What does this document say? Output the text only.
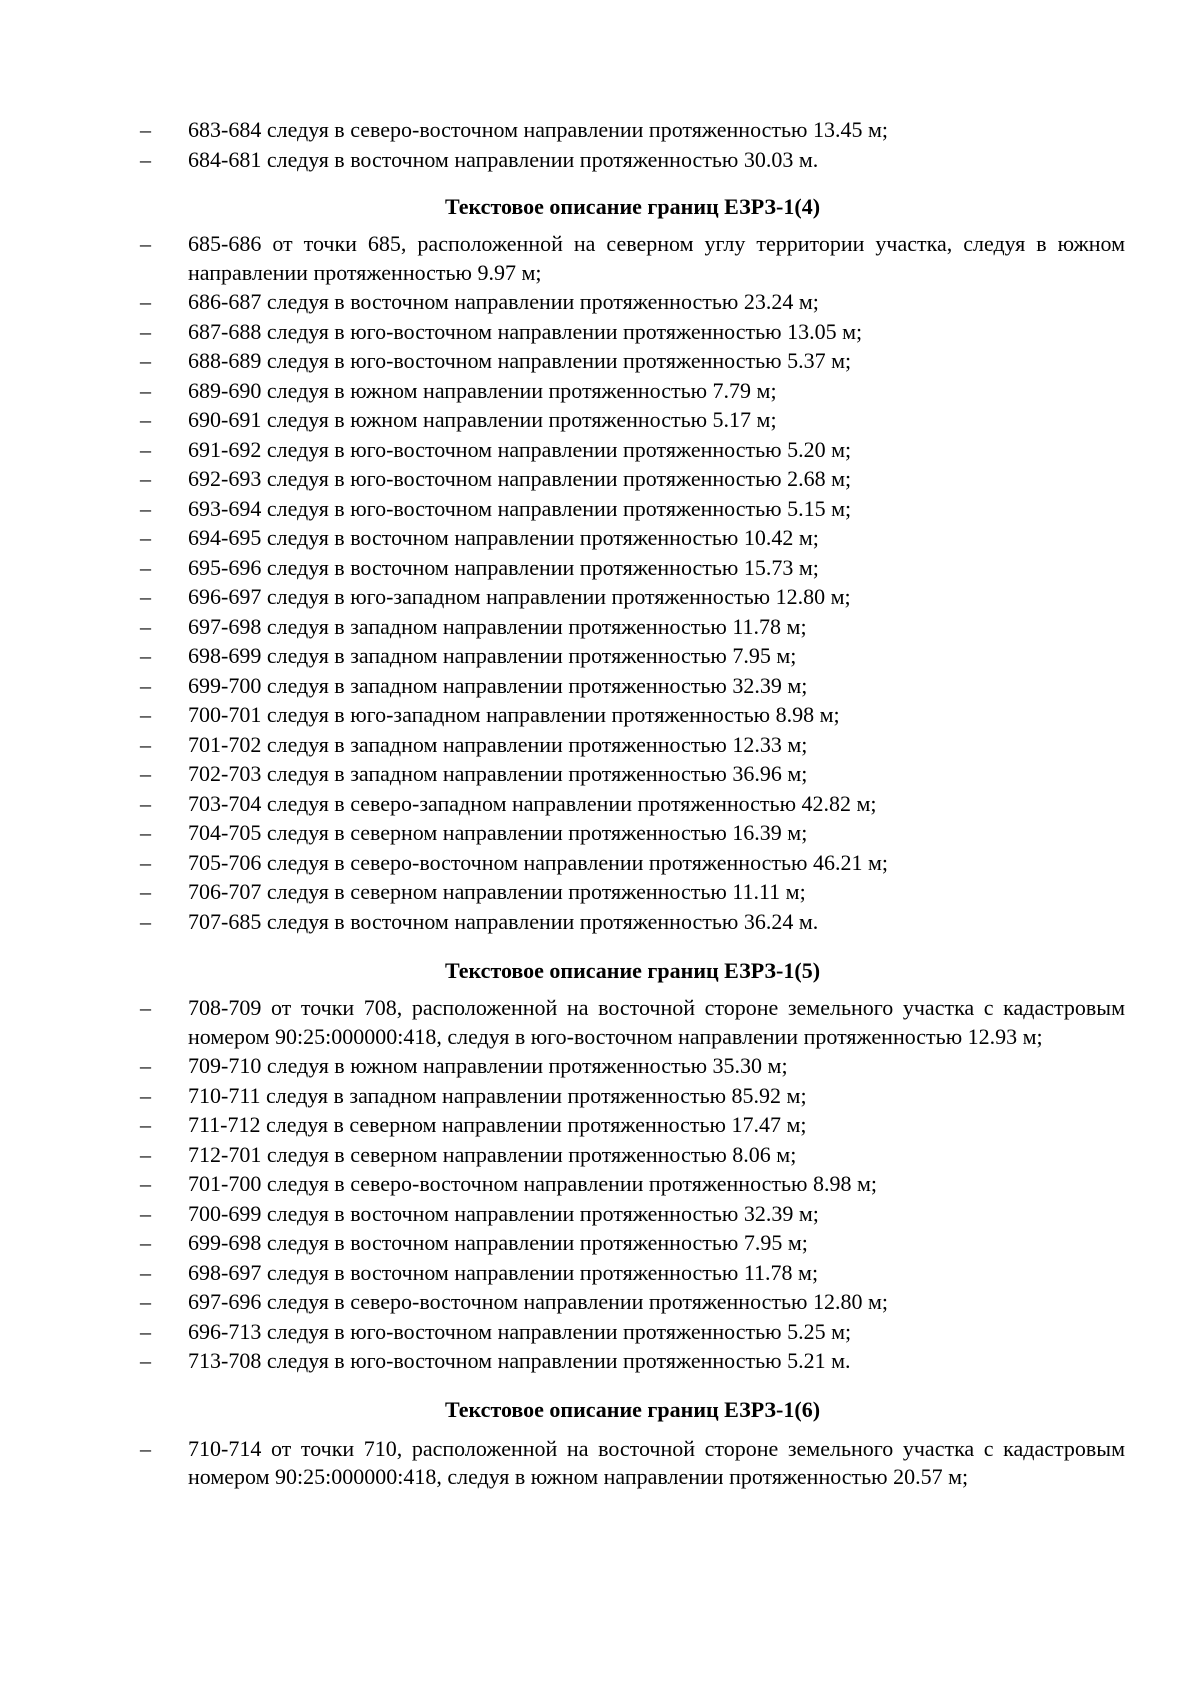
–	683-684 следуя в северо-восточном направлении протяженностью 13.45 м;
–	684-681 следуя в восточном направлении протяженностью 30.03 м.
Текстовое описание границ ЕЗРЗ-1(4)
–	685-686 от точки 685, расположенной на северном углу территории участка, следуя в южном направлении протяженностью 9.97 м;
–	686-687 следуя в восточном направлении протяженностью 23.24 м;
–	687-688 следуя в юго-восточном направлении протяженностью 13.05 м;
–	688-689 следуя в юго-восточном направлении протяженностью 5.37 м;
–	689-690 следуя в южном направлении протяженностью 7.79 м;
–	690-691 следуя в южном направлении протяженностью 5.17 м;
–	691-692 следуя в юго-восточном направлении протяженностью 5.20 м;
–	692-693 следуя в юго-восточном направлении протяженностью 2.68 м;
–	693-694 следуя в юго-восточном направлении протяженностью 5.15 м;
–	694-695 следуя в восточном направлении протяженностью 10.42 м;
–	695-696 следуя в восточном направлении протяженностью 15.73 м;
–	696-697 следуя в юго-западном направлении протяженностью 12.80 м;
–	697-698 следуя в западном направлении протяженностью 11.78 м;
–	698-699 следуя в западном направлении протяженностью 7.95 м;
–	699-700 следуя в западном направлении протяженностью 32.39 м;
–	700-701 следуя в юго-западном направлении протяженностью 8.98 м;
–	701-702 следуя в западном направлении протяженностью 12.33 м;
–	702-703 следуя в западном направлении протяженностью 36.96 м;
–	703-704 следуя в северо-западном направлении протяженностью 42.82 м;
–	704-705 следуя в северном направлении протяженностью 16.39 м;
–	705-706 следуя в северо-восточном направлении протяженностью 46.21 м;
–	706-707 следуя в северном направлении протяженностью 11.11 м;
–	707-685 следуя в восточном направлении протяженностью 36.24 м.
Текстовое описание границ ЕЗРЗ-1(5)
–	708-709 от точки 708, расположенной на восточной стороне земельного участка с кадастровым номером 90:25:000000:418, следуя в юго-восточном направлении протяженностью 12.93 м;
–	709-710 следуя в южном направлении протяженностью 35.30 м;
–	710-711 следуя в западном направлении протяженностью 85.92 м;
–	711-712 следуя в северном направлении протяженностью 17.47 м;
–	712-701 следуя в северном направлении протяженностью 8.06 м;
–	701-700 следуя в северо-восточном направлении протяженностью 8.98 м;
–	700-699 следуя в восточном направлении протяженностью 32.39 м;
–	699-698 следуя в восточном направлении протяженностью 7.95 м;
–	698-697 следуя в восточном направлении протяженностью 11.78 м;
–	697-696 следуя в северо-восточном направлении протяженностью 12.80 м;
–	696-713 следуя в юго-восточном направлении протяженностью 5.25 м;
–	713-708 следуя в юго-восточном направлении протяженностью 5.21 м.
Текстовое описание границ ЕЗРЗ-1(6)
–	710-714 от точки 710, расположенной на восточной стороне земельного участка с кадастровым номером 90:25:000000:418, следуя в южном направлении протяженностью 20.57 м;
